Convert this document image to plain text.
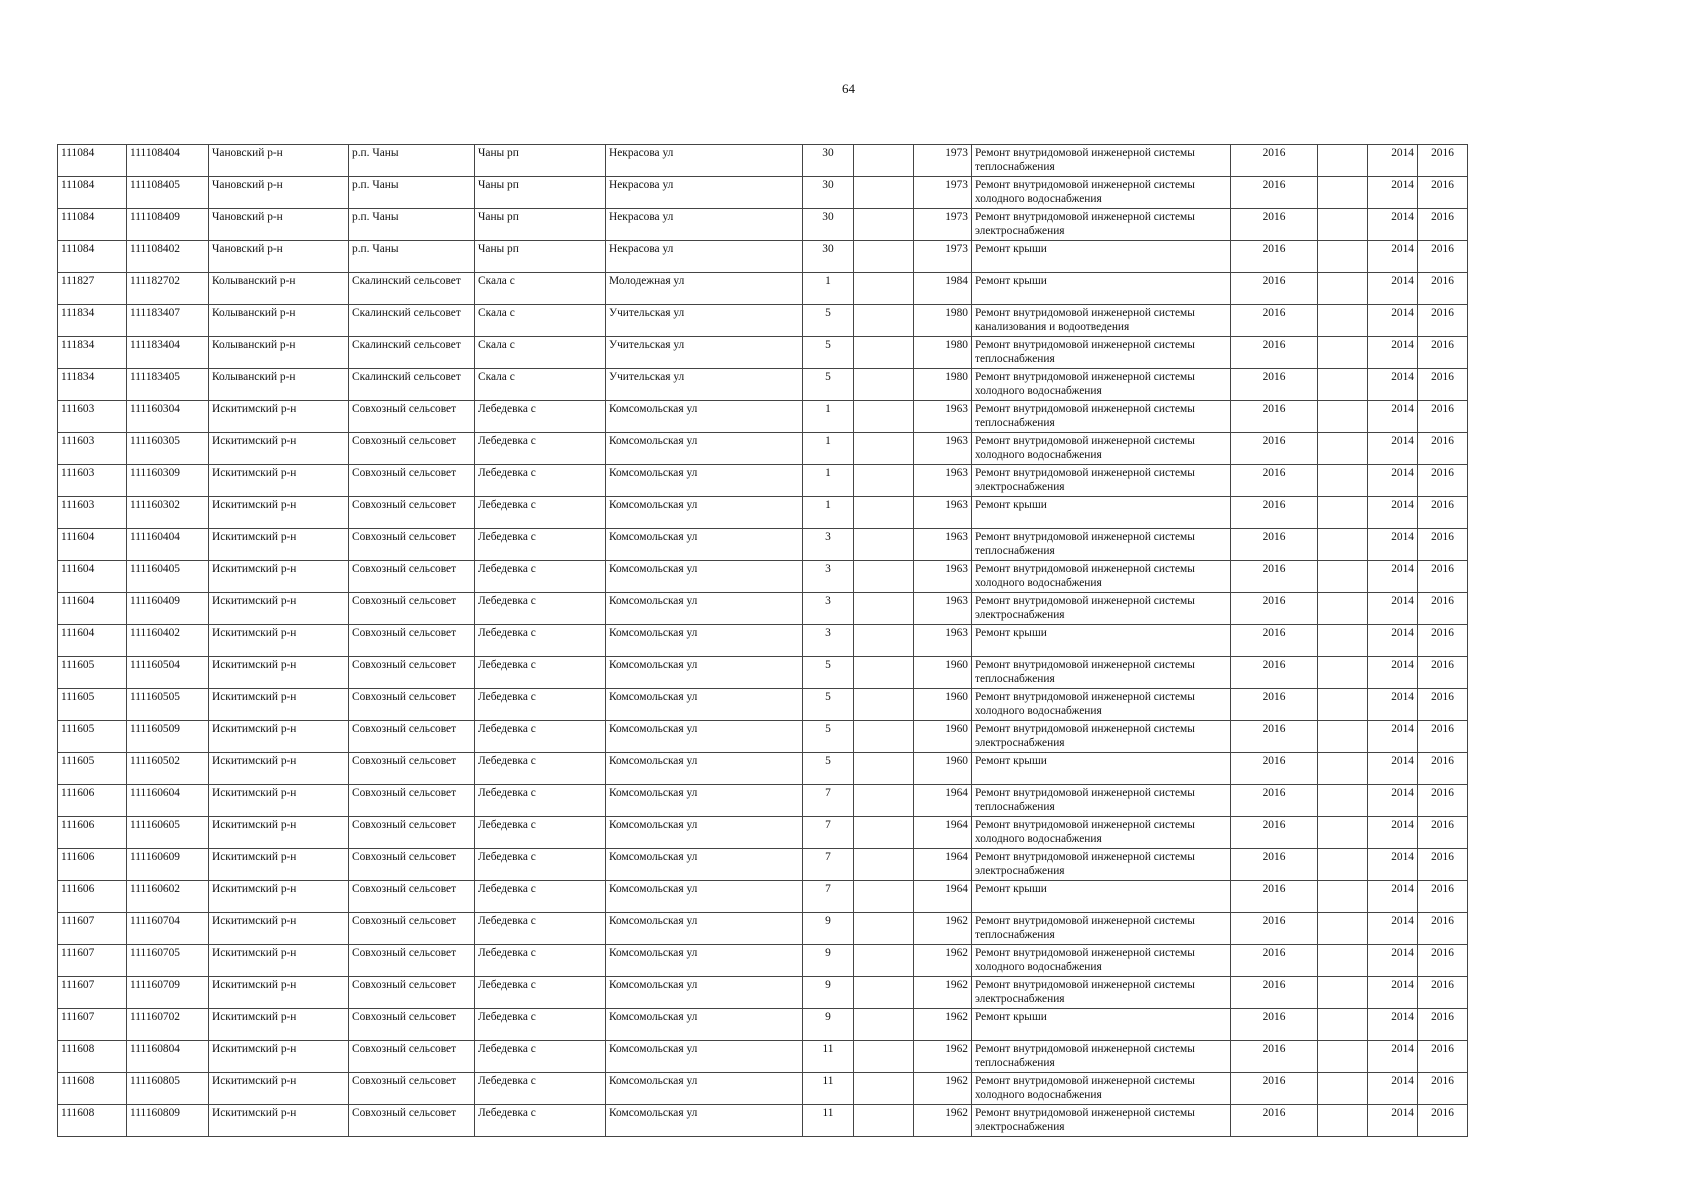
64
111084	111108404	Чановский р-н	р.п. Чаны	Чаны рп	Некрасова ул	30		1973	Ремонт внутридомовой инженерной системы теплоснабжения	2016		2014	2016
111084	111108405	Чановский р-н	р.п. Чаны	Чаны рп	Некрасова ул	30		1973	Ремонт внутридомовой инженерной системы холодного водоснабжения	2016		2014	2016
111084	111108409	Чановский р-н	р.п. Чаны	Чаны рп	Некрасова ул	30		1973	Ремонт внутридомовой инженерной системы электроснабжения	2016		2014	2016
111084	111108402	Чановский р-н	р.п. Чаны	Чаны рп	Некрасова ул	30		1973	Ремонт крыши	2016		2014	2016
111827	111182702	Колыванский р-н	Скалинский сельсовет	Скала с	Молодежная ул	1		1984	Ремонт крыши	2016		2014	2016
111834	111183407	Колыванский р-н	Скалинский сельсовет	Скала с	Учительская ул	5		1980	Ремонт внутридомовой инженерной системы канализования и водоотведения	2016		2014	2016
111834	111183404	Колыванский р-н	Скалинский сельсовет	Скала с	Учительская ул	5		1980	Ремонт внутридомовой инженерной системы теплоснабжения	2016		2014	2016
111834	111183405	Колыванский р-н	Скалинский сельсовет	Скала с	Учительская ул	5		1980	Ремонт внутридомовой инженерной системы холодного водоснабжения	2016		2014	2016
111603	111160304	Искитимский р-н	Совхозный сельсовет	Лебедевка с	Комсомольская ул	1		1963	Ремонт внутридомовой инженерной системы теплоснабжения	2016		2014	2016
111603	111160305	Искитимский р-н	Совхозный сельсовет	Лебедевка с	Комсомольская ул	1		1963	Ремонт внутридомовой инженерной системы холодного водоснабжения	2016		2014	2016
111603	111160309	Искитимский р-н	Совхозный сельсовет	Лебедевка с	Комсомольская ул	1		1963	Ремонт внутридомовой инженерной системы электроснабжения	2016		2014	2016
111603	111160302	Искитимский р-н	Совхозный сельсовет	Лебедевка с	Комсомольская ул	1		1963	Ремонт крыши	2016		2014	2016
111604	111160404	Искитимский р-н	Совхозный сельсовет	Лебедевка с	Комсомольская ул	3		1963	Ремонт внутридомовой инженерной системы теплоснабжения	2016		2014	2016
111604	111160405	Искитимский р-н	Совхозный сельсовет	Лебедевка с	Комсомольская ул	3		1963	Ремонт внутридомовой инженерной системы холодного водоснабжения	2016		2014	2016
111604	111160409	Искитимский р-н	Совхозный сельсовет	Лебедевка с	Комсомольская ул	3		1963	Ремонт внутридомовой инженерной системы электроснабжения	2016		2014	2016
111604	111160402	Искитимский р-н	Совхозный сельсовет	Лебедевка с	Комсомольская ул	3		1963	Ремонт крыши	2016		2014	2016
111605	111160504	Искитимский р-н	Совхозный сельсовет	Лебедевка с	Комсомольская ул	5		1960	Ремонт внутридомовой инженерной системы теплоснабжения	2016		2014	2016
111605	111160505	Искитимский р-н	Совхозный сельсовет	Лебедевка с	Комсомольская ул	5		1960	Ремонт внутридомовой инженерной системы холодного водоснабжения	2016		2014	2016
111605	111160509	Искитимский р-н	Совхозный сельсовет	Лебедевка с	Комсомольская ул	5		1960	Ремонт внутридомовой инженерной системы электроснабжения	2016		2014	2016
111605	111160502	Искитимский р-н	Совхозный сельсовет	Лебедевка с	Комсомольская ул	5		1960	Ремонт крыши	2016		2014	2016
111606	111160604	Искитимский р-н	Совхозный сельсовет	Лебедевка с	Комсомольская ул	7		1964	Ремонт внутридомовой инженерной системы теплоснабжения	2016		2014	2016
111606	111160605	Искитимский р-н	Совхозный сельсовет	Лебедевка с	Комсомольская ул	7		1964	Ремонт внутридомовой инженерной системы холодного водоснабжения	2016		2014	2016
111606	111160609	Искитимский р-н	Совхозный сельсовет	Лебедевка с	Комсомольская ул	7		1964	Ремонт внутридомовой инженерной системы электроснабжения	2016		2014	2016
111606	111160602	Искитимский р-н	Совхозный сельсовет	Лебедевка с	Комсомольская ул	7		1964	Ремонт крыши	2016		2014	2016
111607	111160704	Искитимский р-н	Совхозный сельсовет	Лебедевка с	Комсомольская ул	9		1962	Ремонт внутридомовой инженерной системы теплоснабжения	2016		2014	2016
111607	111160705	Искитимский р-н	Совхозный сельсовет	Лебедевка с	Комсомольская ул	9		1962	Ремонт внутридомовой инженерной системы холодного водоснабжения	2016		2014	2016
111607	111160709	Искитимский р-н	Совхозный сельсовет	Лебедевка с	Комсомольская ул	9		1962	Ремонт внутридомовой инженерной системы электроснабжения	2016		2014	2016
111607	111160702	Искитимский р-н	Совхозный сельсовет	Лебедевка с	Комсомольская ул	9		1962	Ремонт крыши	2016		2014	2016
111608	111160804	Искитимский р-н	Совхозный сельсовет	Лебедевка с	Комсомольская ул	11		1962	Ремонт внутридомовой инженерной системы теплоснабжения	2016		2014	2016
111608	111160805	Искитимский р-н	Совхозный сельсовет	Лебедевка с	Комсомольская ул	11		1962	Ремонт внутридомовой инженерной системы холодного водоснабжения	2016		2014	2016
111608	111160809	Искитимский р-н	Совхозный сельсовет	Лебедевка с	Комсомольская ул	11		1962	Ремонт внутридомовой инженерной системы электроснабжения	2016		2014	2016
